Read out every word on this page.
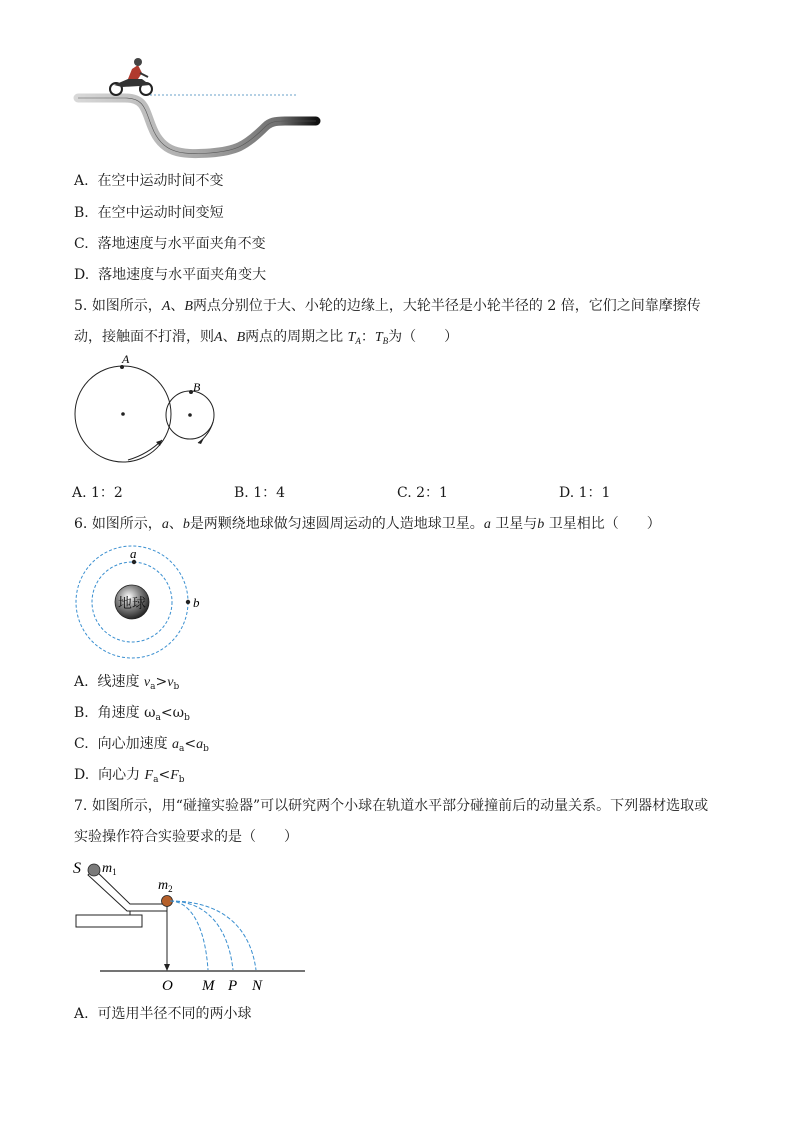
A. 在空中运动时间不变
B. 在空中运动时间变短
C. 落地速度与水平面夹角不变
D. 落地速度与水平面夹角变大
5. 如图所示，A、B两点分别位于大、小轮的边缘上，大轮半径是小轮半径的 2 倍，它们之间靠摩擦传
动，接触面不打滑，则A、B两点的周期之比 $T_A$：$T_B$为（　　）
A
B
A. 1：2	B. 1：4	C. 2：1	D. 1：1
6. 如图所示，a、b是两颗绕地球做匀速圆周运动的人造地球卫星。a 卫星与b 卫星相比（　　）
地球
a
b
A. 线速度 $v_a>v_b$
B. 角速度 $\omega_a<\omega_b$
C. 向心加速度 $a_a<a_b$
D. 向心力 $F_a<F_b$
7. 如图所示，用“碰撞实验器”可以研究两个小球在轨道水平部分碰撞前后的动量关系。下列器材选取或
实验操作符合实验要求的是（　　）
S $m_1$
$m_2$
O M P N
A. 可选用半径不同的两小球
